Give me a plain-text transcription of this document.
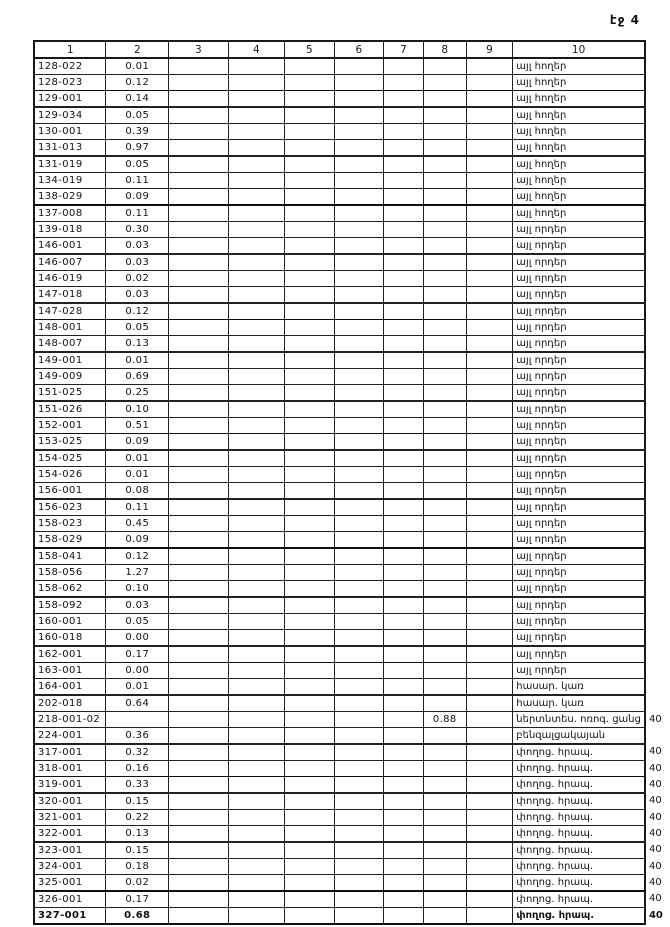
էջ 4
1	2	3	4	5	6	7	8	9	10	
128-022	0.01								այլ հողեր	
128-023	0.12								այլ հողեր	
129-001	0.14								այլ հողեր	
129-034	0.05								այլ հողեր	
130-001	0.39								այլ հողեր	
131-013	0.97								այլ հողեր	
131-019	0.05								այլ հողեր	
134-019	0.11								այլ հողեր	
138-029	0.09								այլ հողեր	
137-008	0.11								այլ հողեր	
139-018	0.30								այլ որդեր	
146-001	0.03								այլ որդեր	
146-007	0.03								այլ որդեր	
146-019	0.02								այլ որդեր	
147-018	0.03								այլ որդեր	
147-028	0.12								այլ որդեր	
148-001	0.05								այլ որդեր	
148-007	0.13								այլ որդեր	
149-001	0.01								այլ որդեր	
149-009	0.69								այլ որդեր	
151-025	0.25								այլ որդեր	
151-026	0.10								այլ որդեր	
152-001	0.51								այլ որդեր	
153-025	0.09								այլ որդեր	
154-025	0.01								այլ որդեր	
154-026	0.01								այլ որդեր	
156-001	0.08								այլ որդեր	
156-023	0.11								այլ որդեր	
158-023	0.45								այլ որդեր	
158-029	0.09								այլ որդեր	
158-041	0.12								այլ որդեր	
158-056	1.27								այլ որդեր	
158-062	0.10								այլ որդեր	
158-092	0.03								այլ որդեր	
160-001	0.05								այլ որդեր	
160-018	0.00								այլ որդեր	
162-001	0.17								այլ որդեր	
163-001	0.00								այլ որդեր	
164-001	0.01								հասար. կառ	
202-018	0.64								հասար. կառ	
218-001-02							0.88		ներտնտես. ոռոգ. ցանց	40
224-001	0.36								բենզալցակայան	
317-001	0.32								փողոց. հրապ.	40
318-001	0.16								փողոց. հրապ.	40
319-001	0.33								փողոց. հրապ.	40
320-001	0.15								փողոց. հրապ.	40
321-001	0.22								փողոց. հրապ.	40
322-001	0.13								փողոց. հրապ.	40
323-001	0.15								փողոց. հրապ.	40
324-001	0.18								փողոց. հրապ.	40
325-001	0.02								փողոց. հրապ.	40
326-001	0.17								փողոց. հրապ.	40
327-001	0.68								փողոց. հրապ.	40
